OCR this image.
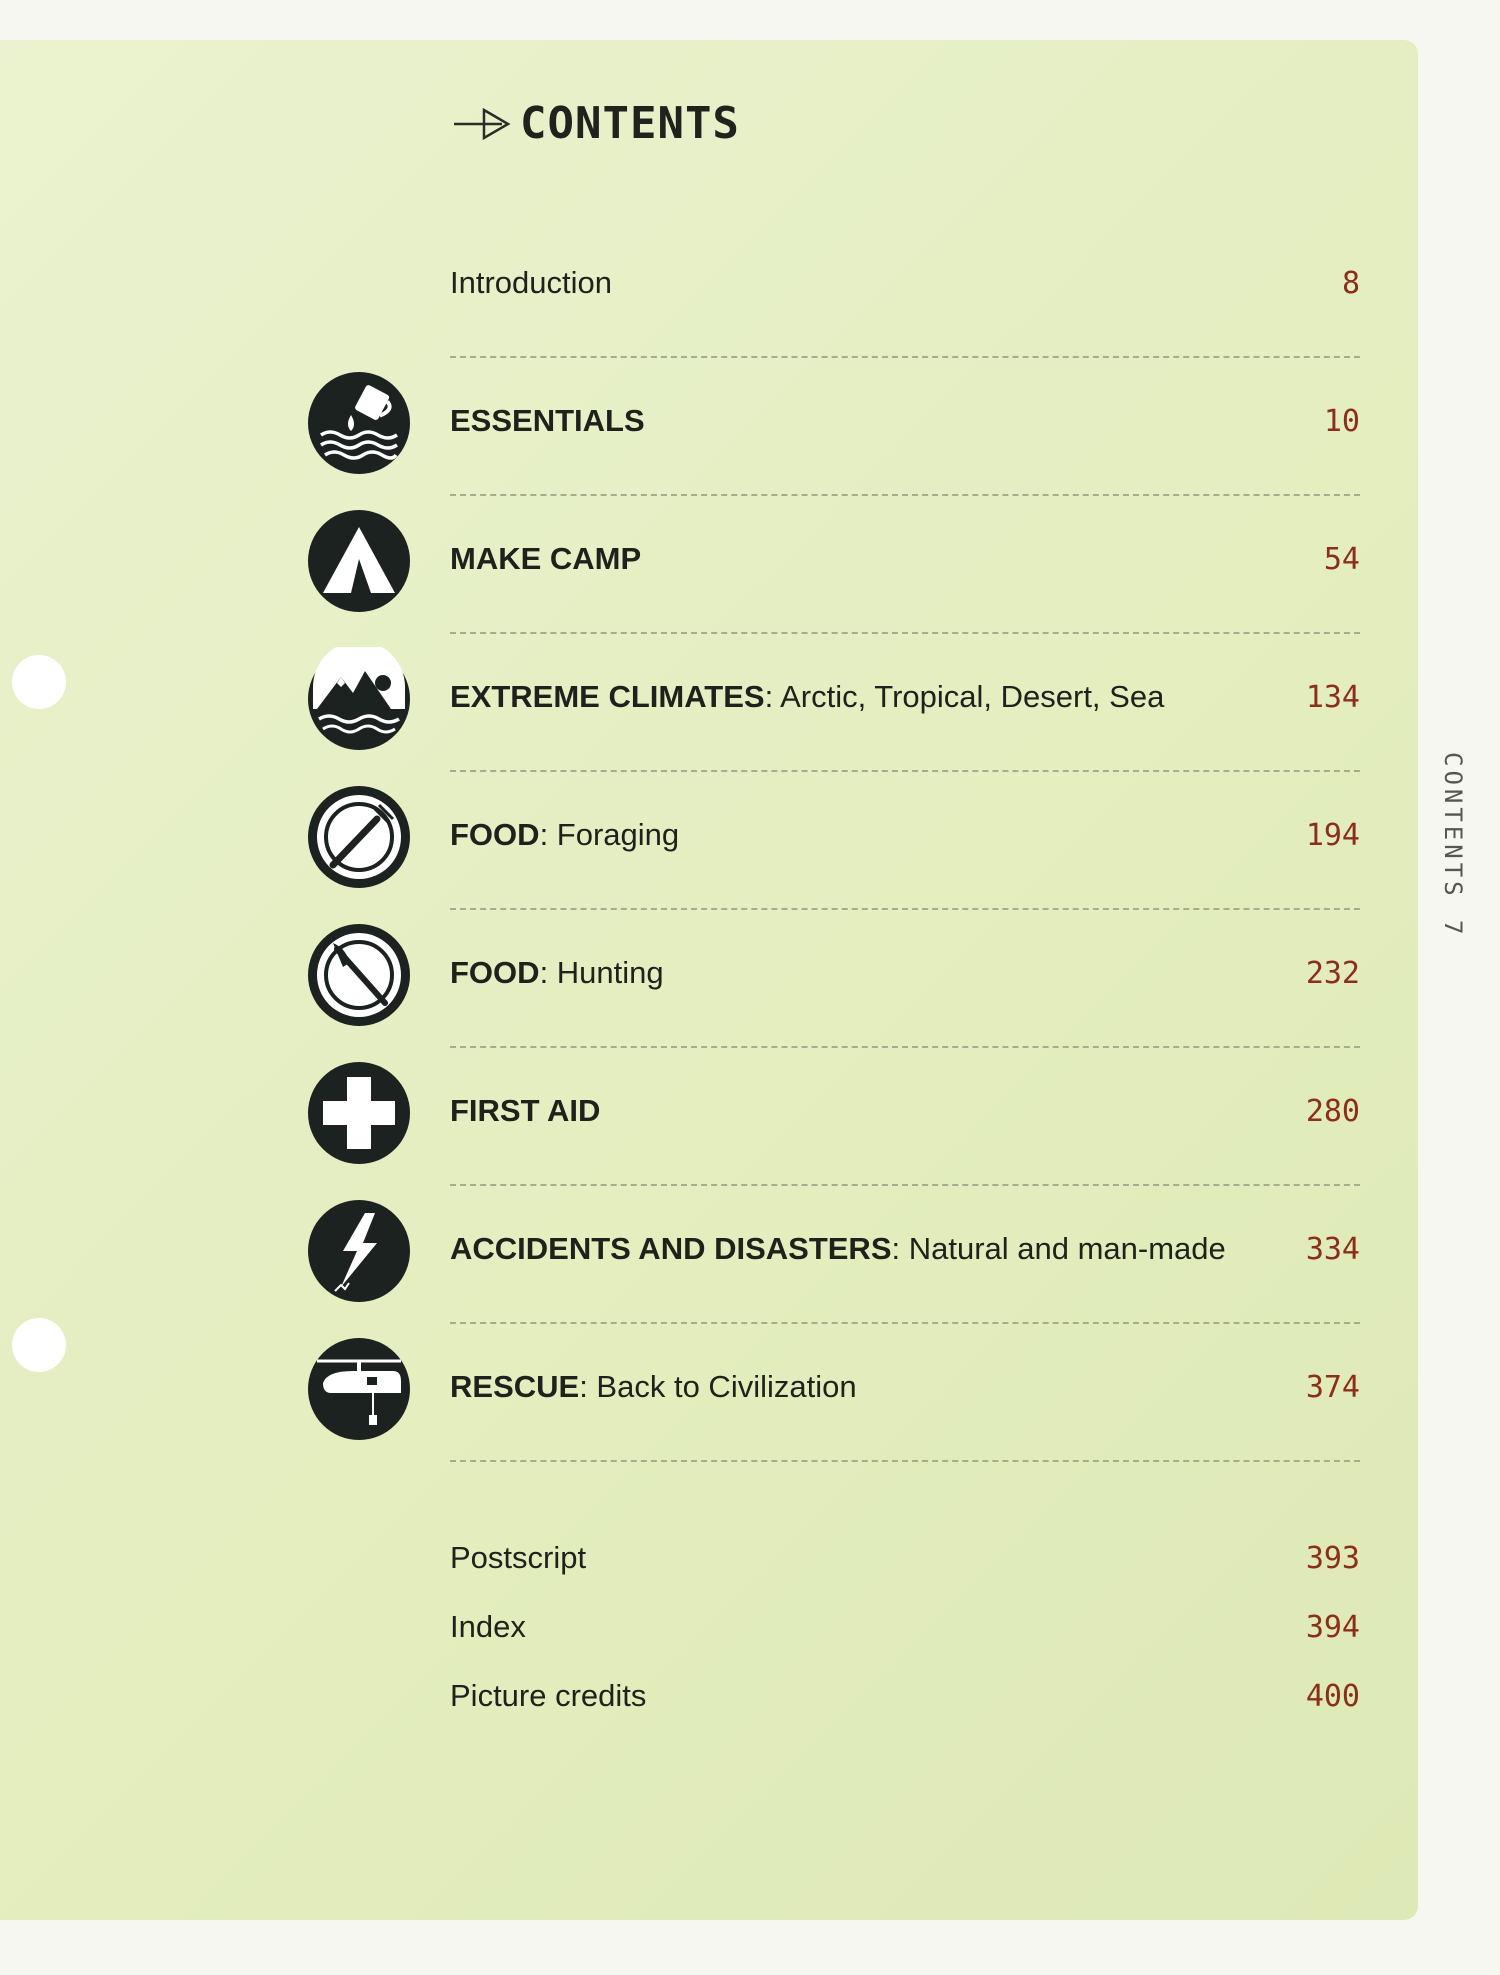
CONTENTS
Introduction	8
ESSENTIALS	10
MAKE CAMP	54
EXTREME CLIMATES: Arctic, Tropical, Desert, Sea	134
FOOD: Foraging	194
FOOD: Hunting	232
FIRST AID	280
ACCIDENTS AND DISASTERS: Natural and man-made	334
RESCUE: Back to Civilization	374
Postscript	393
Index	394
Picture credits	400
CONTENTS
7
